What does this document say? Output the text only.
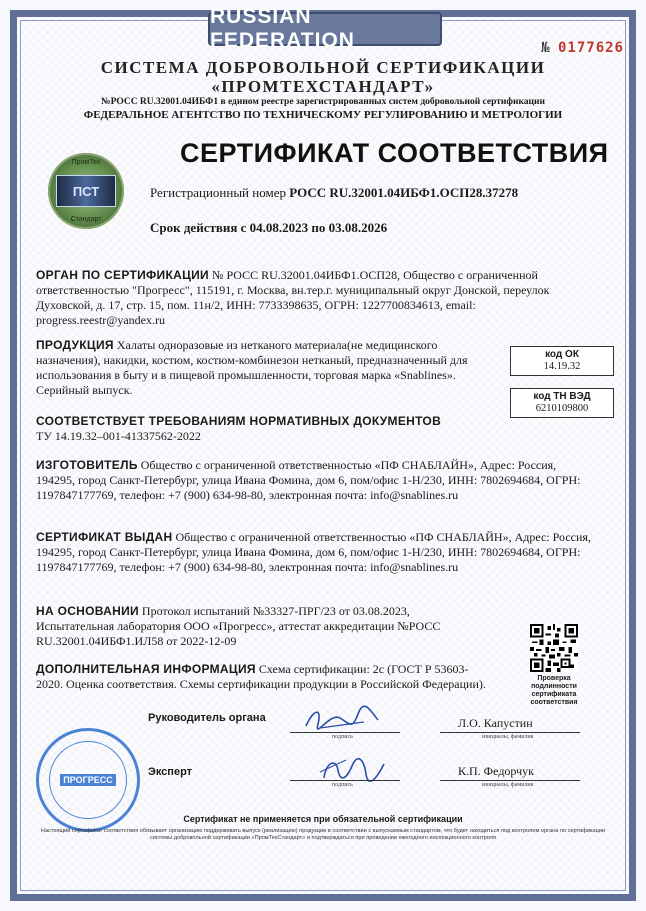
RUSSIAN FEDERATION	№ 0177626
СИСТЕМА ДОБРОВОЛЬНОЙ СЕРТИФИКАЦИИ
«ПРОМТЕХСТАНДАРТ»
№РОСС RU.32001.04ИБФ1 в едином реестре зарегистрированных систем добровольной сертификации
ФЕДЕРАЛЬНОЕ АГЕНТСТВО ПО ТЕХНИЧЕСКОМУ РЕГУЛИРОВАНИЮ И МЕТРОЛОГИИ
ПромТех
ПСТ
Стандарт
СЕРТИФИКАТ СООТВЕТСТВИЯ
Регистрационный номер РОСС RU.32001.04ИБФ1.ОСП28.37278
Срок действия с 04.08.2023 по 03.08.2026
ОРГАН ПО СЕРТИФИКАЦИИ № РОСС RU.32001.04ИБФ1.ОСП28, Общество с ограниченной ответственностью "Прогресс", 115191, г. Москва, вн.тер.г. муниципальный округ Донской, переулок Духовской, д. 17, стр. 15, пом. 11н/2, ИНН: 7733398635, ОГРН: 1227700834613, email: progress.reestr@yandex.ru
ПРОДУКЦИЯ Халаты одноразовые из нетканого материала(не медицинского назначения), накидки, костюм, костюм-комбинезон нетканый, предназначенный для использования в быту и в пищевой промышленности, торговая марка «Snablines». Серийный выпуск.
код ОК
14.19.32
код ТН ВЭД
6210109800
СООТВЕТСТВУЕТ ТРЕБОВАНИЯМ НОРМАТИВНЫХ ДОКУМЕНТОВ
ТУ 14.19.32–001-41337562-2022
ИЗГОТОВИТЕЛЬ Общество с ограниченной ответственностью «ПФ СНАБЛАЙН», Адрес: Россия, 194295, город Санкт-Петербург, улица Ивана Фомина, дом 6, пом/офис 1-Н/230, ИНН: 7802694684, ОГРН: 1197847177769, телефон: +7 (900) 634-98-80, электронная почта: info@snablines.ru
СЕРТИФИКАТ ВЫДАН Общество с ограниченной ответственностью «ПФ СНАБЛАЙН», Адрес: Россия, 194295, город Санкт-Петербург, улица Ивана Фомина, дом 6, пом/офис 1-Н/230, ИНН: 7802694684, ОГРН: 1197847177769, телефон: +7 (900) 634-98-80, электронная почта: info@snablines.ru
НА ОСНОВАНИИ Протокол испытаний №33327-ПРГ/23 от 03.08.2023, Испытательная лаборатория ООО «Прогресс», аттестат аккредитации №РОСС RU.32001.04ИБФ1.ИЛ58 от 2022-12-09
ДОПОЛНИТЕЛЬНАЯ ИНФОРМАЦИЯ Схема сертификации: 2с (ГОСТ Р 53603-2020. Оценка соответствия. Схемы сертификации продукции в Российской Федерации).	Проверка подлинности сертификата соответствия
Руководитель органа
подпись
Л.О. Капустин
инициалы, фамилия
Эксперт
подпись
К.П. Федорчук
инициалы, фамилия
ПРОГРЕСС
Сертификат не применяется при обязательной сертификации
Настоящий сертификат соответствия обязывает организацию поддерживать выпуск (реализацию) продукции в соответствии с выпускаемым стандартом, что будет находиться под контролем органа по сертификации системы добровольной сертификации «ПромТехСтандарт» и подтверждаться при проведении ежегодного инспекционного контроля
